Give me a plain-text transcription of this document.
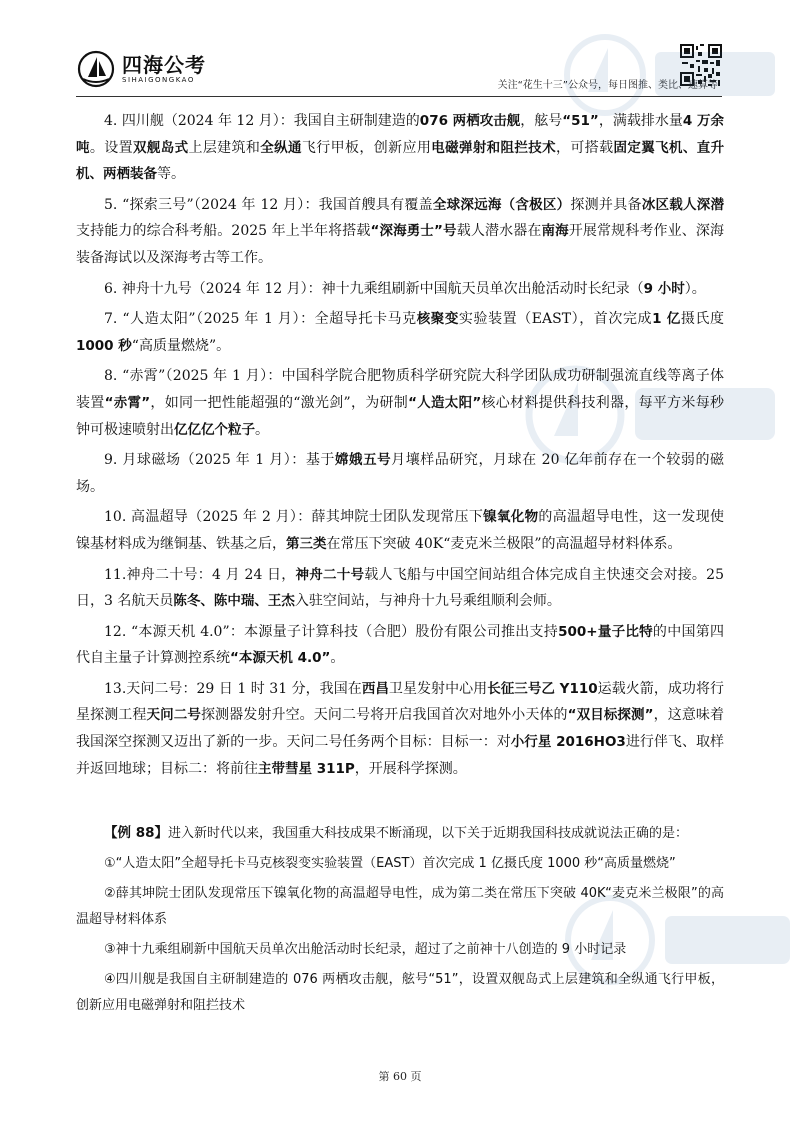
四海公考
SIHAIGONGKAO	关注“花生十三”公众号，每日图推、类比、速算等

4. 四川舰（2024 年 12 月）：我国自主研制建造的076 两栖攻击舰，舷号“51”，满载排水量4 万余吨。设置双舰岛式上层建筑和全纵通飞行甲板，创新应用电磁弹射和阻拦技术，可搭载固定翼飞机、直升机、两栖装备等。

5. “探索三号”（2024 年 12 月）：我国首艘具有覆盖全球深远海（含极区）探测并具备冰区载人深潜支持能力的综合科考船。2025 年上半年将搭载“深海勇士”号载人潜水器在南海开展常规科考作业、深海装备海试以及深海考古等工作。

6. 神舟十九号（2024 年 12 月）：神十九乘组刷新中国航天员单次出舱活动时长纪录（9 小时）。

7. “人造太阳”（2025 年 1 月）：全超导托卡马克核聚变实验装置（EAST），首次完成1 亿摄氏度1000 秒“高质量燃烧”。

8. “赤霄”（2025 年 1 月）：中国科学院合肥物质科学研究院大科学团队成功研制强流直线等离子体装置“赤霄”，如同一把性能超强的“激光剑”，为研制“人造太阳”核心材料提供科技利器，每平方米每秒钟可极速喷射出亿亿亿个粒子。

9. 月球磁场（2025 年 1 月）：基于嫦娥五号月壤样品研究，月球在 20 亿年前存在一个较弱的磁场。

10. 高温超导（2025 年 2 月）：薛其坤院士团队发现常压下镍氧化物的高温超导电性，这一发现使镍基材料成为继铜基、铁基之后，第三类在常压下突破 40K“麦克米兰极限”的高温超导材料体系。

11.神舟二十号：4 月 24 日，神舟二十号载人飞船与中国空间站组合体完成自主快速交会对接。25 日，3 名航天员陈冬、陈中瑞、王杰入驻空间站，与神舟十九号乘组顺利会师。

12. “本源天机 4.0”：本源量子计算科技（合肥）股份有限公司推出支持500+量子比特的中国第四代自主量子计算测控系统“本源天机 4.0”。

13.天问二号：29 日 1 时 31 分，我国在西昌卫星发射中心用长征三号乙 Y110运载火箭，成功将行星探测工程天问二号探测器发射升空。天问二号将开启我国首次对地外小天体的“双目标探测”，这意味着我国深空探测又迈出了新的一步。天问二号任务两个目标：目标一：对小行星 2016HO3进行伴飞、取样并返回地球；目标二：将前往主带彗星 311P，开展科学探测。

【例 88】进入新时代以来，我国重大科技成果不断涌现，以下关于近期我国科技成就说法正确的是：

①“人造太阳”全超导托卡马克核裂变实验装置（EAST）首次完成 1 亿摄氏度 1000 秒“高质量燃烧”

②薛其坤院士团队发现常压下镍氧化物的高温超导电性，成为第二类在常压下突破 40K“麦克米兰极限”的高温超导材料体系

③神十九乘组刷新中国航天员单次出舱活动时长纪录，超过了之前神十八创造的 9 小时记录

④四川舰是我国自主研制建造的 076 两栖攻击舰，舷号“51”，设置双舰岛式上层建筑和全纵通飞行甲板，创新应用电磁弹射和阻拦技术

第 60 页
